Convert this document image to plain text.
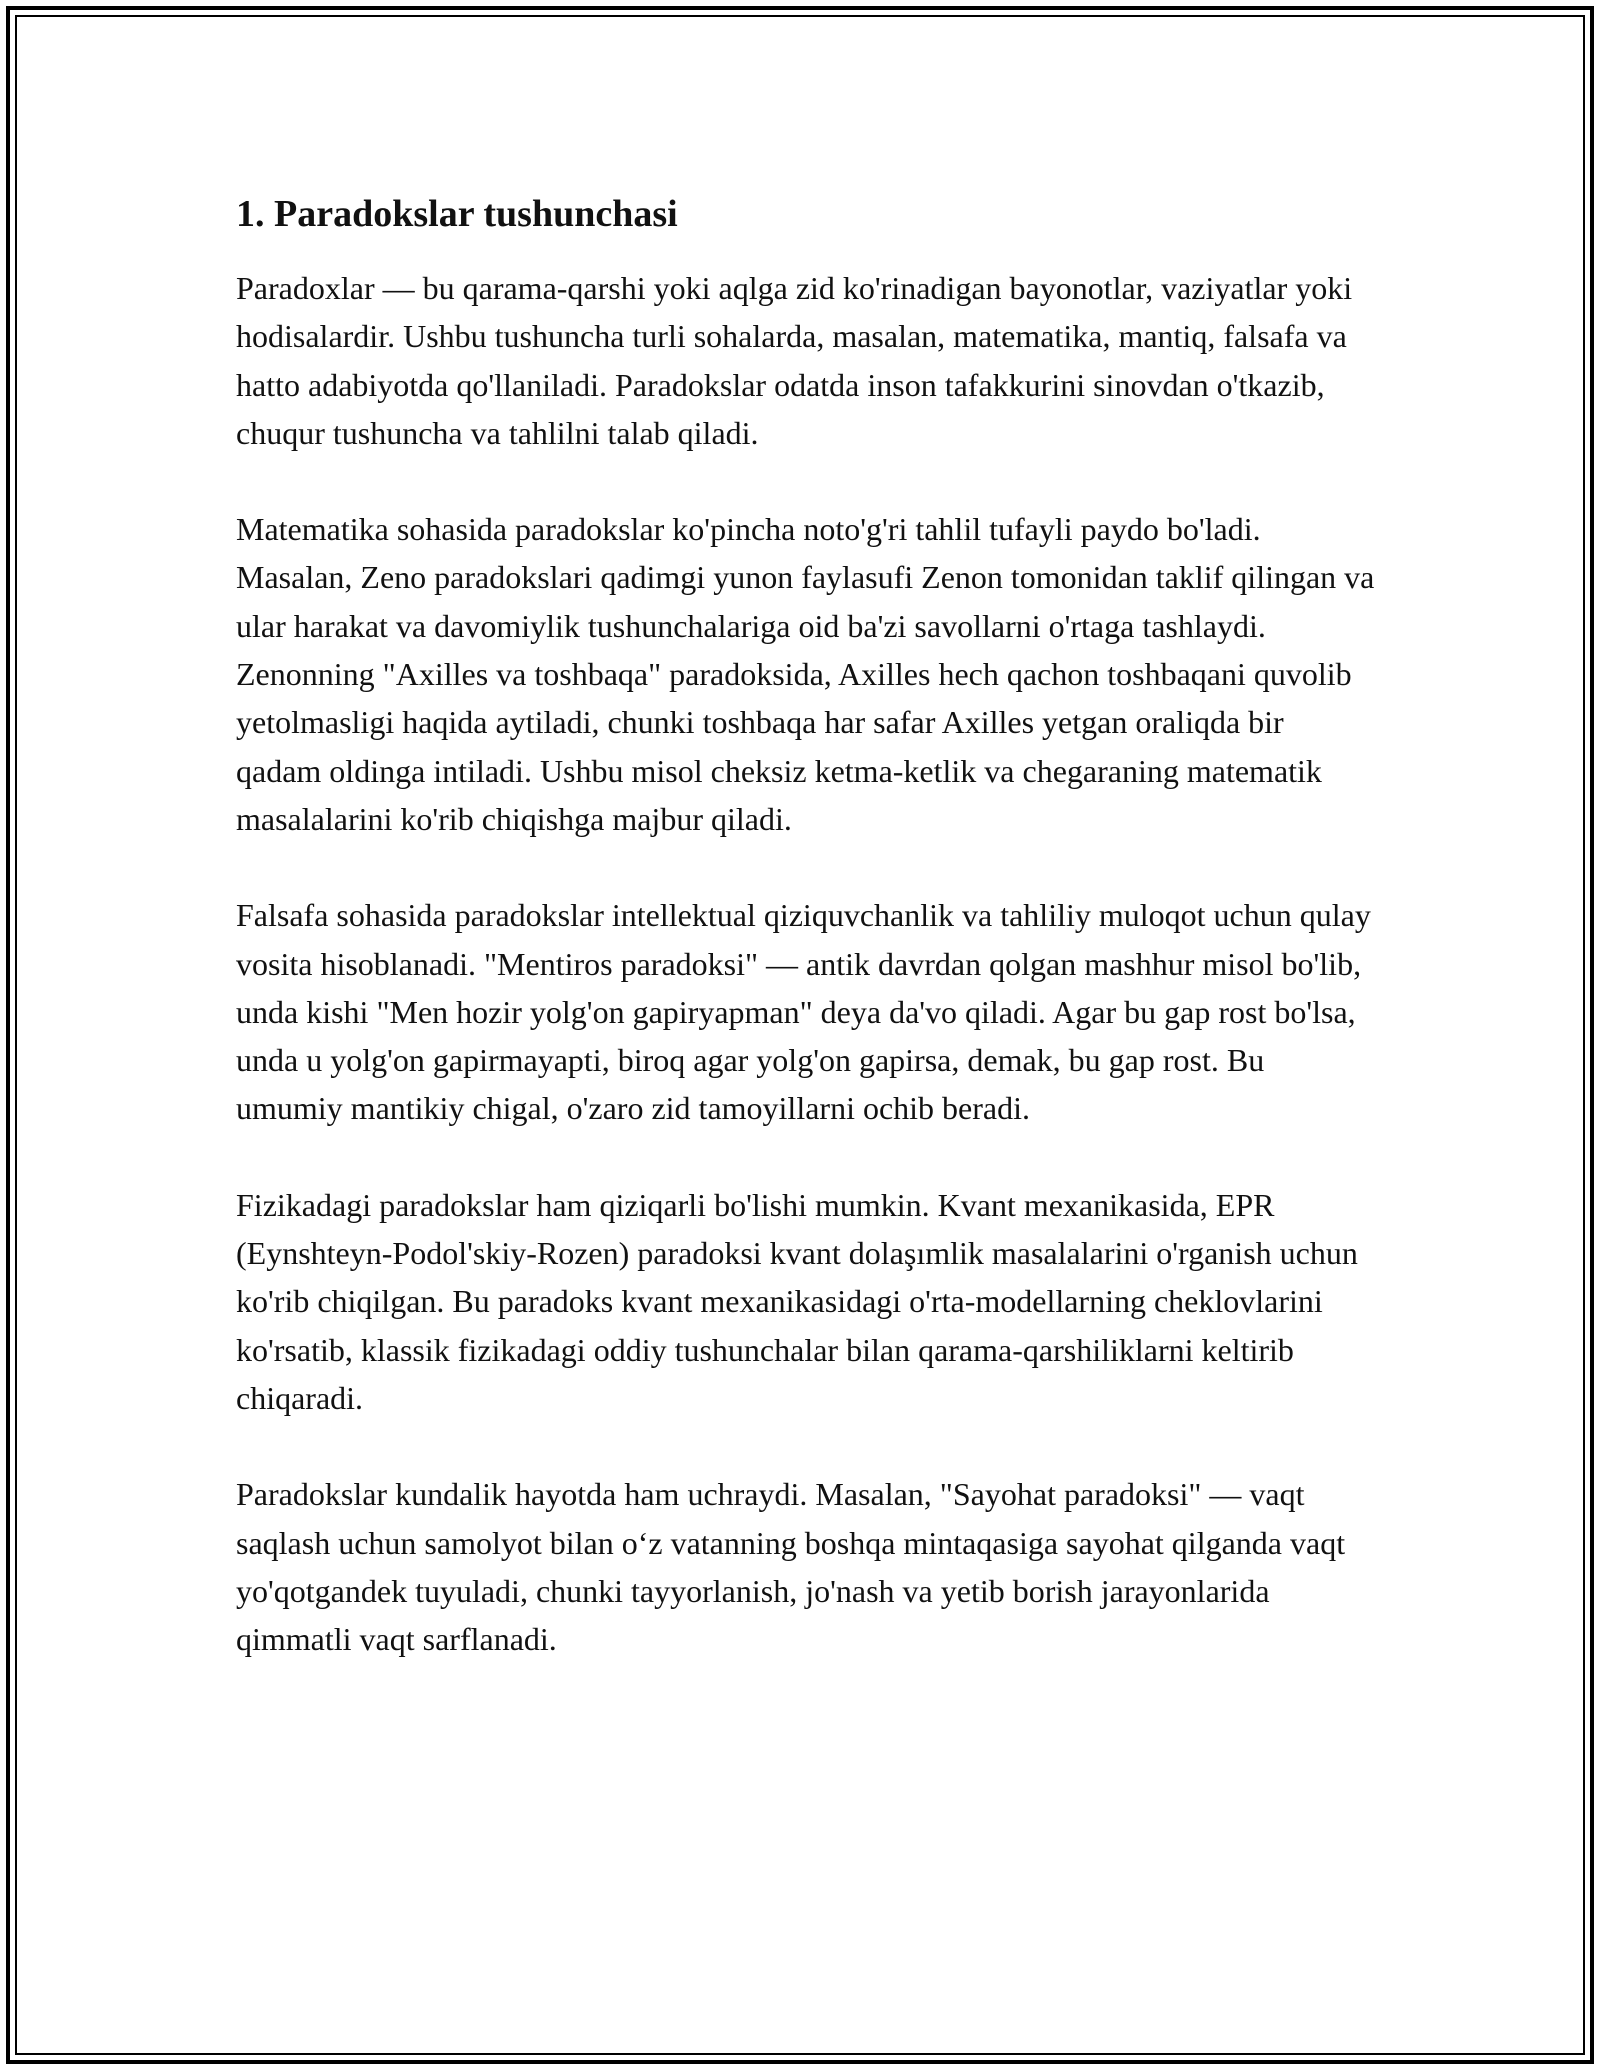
1. Paradokslar tushunchasi

Paradoxlar — bu qarama-qarshi yoki aqlga zid ko'rinadigan bayonotlar, vaziyatlar yoki hodisalardir. Ushbu tushuncha turli sohalarda, masalan, matematika, mantiq, falsafa va hatto adabiyotda qo'llaniladi. Paradokslar odatda inson tafakkurini sinovdan o'tkazib, chuqur tushuncha va tahlilni talab qiladi.

Matematika sohasida paradokslar ko'pincha noto'g'ri tahlil tufayli paydo bo'ladi. Masalan, Zeno paradokslari qadimgi yunon faylasufi Zenon tomonidan taklif qilingan va ular harakat va davomiylik tushunchalariga oid ba'zi savollarni o'rtaga tashlaydi. Zenonning "Axilles va toshbaqa" paradoksida, Axilles hech qachon toshbaqani quvolib yetolmasligi haqida aytiladi, chunki toshbaqa har safar Axilles yetgan oraliqda bir qadam oldinga intiladi. Ushbu misol cheksiz ketma-ketlik va chegaraning matematik masalalarini ko'rib chiqishga majbur qiladi.

Falsafa sohasida paradokslar intellektual qiziquvchanlik va tahliliy muloqot uchun qulay vosita hisoblanadi. "Mentiros paradoksi" — antik davrdan qolgan mashhur misol bo'lib, unda kishi "Men hozir yolg'on gapiryapman" deya da'vo qiladi. Agar bu gap rost bo'lsa, unda u yolg'on gapirmayapti, biroq agar yolg'on gapirsa, demak, bu gap rost. Bu umumiy mantikiy chigal, o'zaro zid tamoyillarni ochib beradi.

Fizikadagi paradokslar ham qiziqarli bo'lishi mumkin. Kvant mexanikasida, EPR (Eynshteyn-Podol'skiy-Rozen) paradoksi kvant dolaşımlik masalalarini o'rganish uchun ko'rib chiqilgan. Bu paradoks kvant mexanikasidagi o'rta-modellarning cheklovlarini ko'rsatib, klassik fizikadagi oddiy tushunchalar bilan qarama-qarshiliklarni keltirib chiqaradi.

Paradokslar kundalik hayotda ham uchraydi. Masalan, "Sayohat paradoksi" — vaqt saqlash uchun samolyot bilan o‘z vatanning boshqa mintaqasiga sayohat qilganda vaqt yo'qotgandek tuyuladi, chunki tayyorlanish, jo'nash va yetib borish jarayonlarida qimmatli vaqt sarflanadi.
